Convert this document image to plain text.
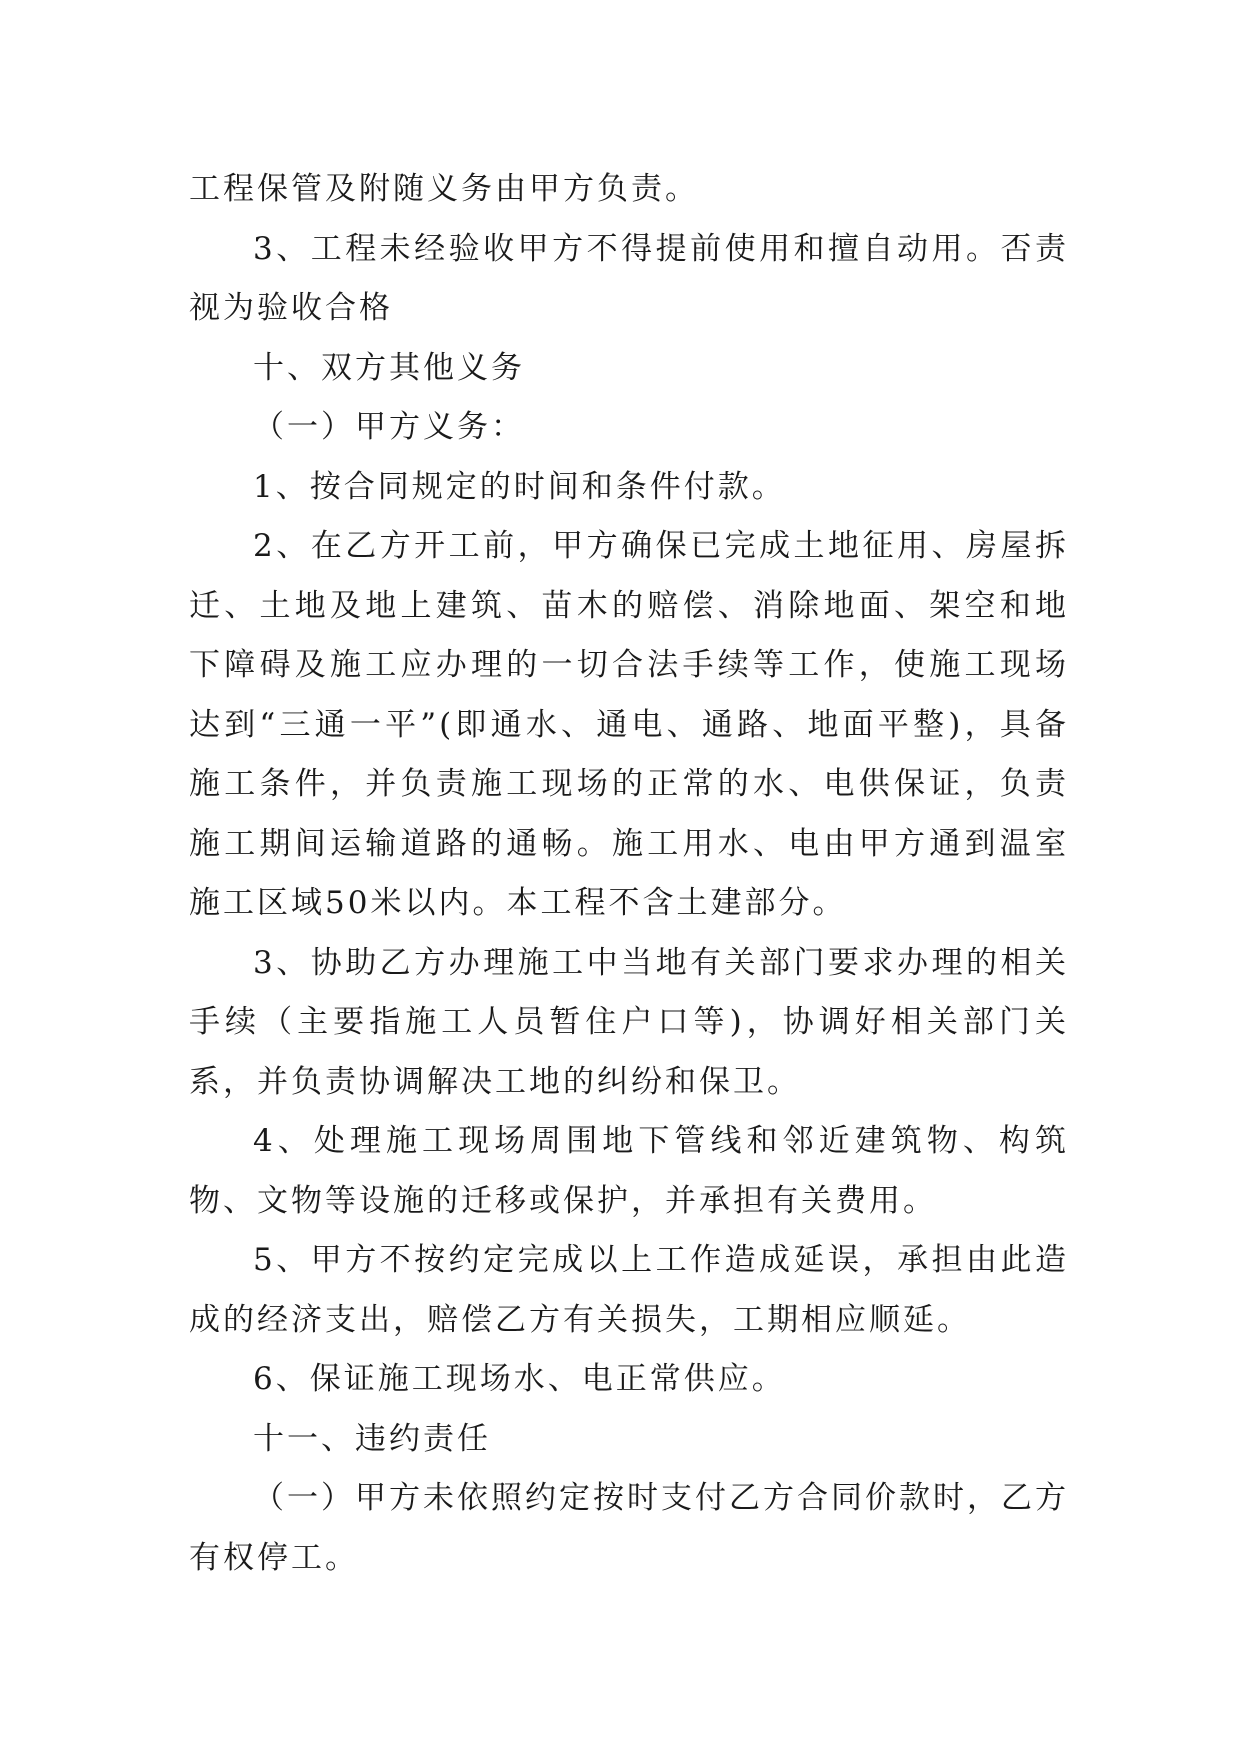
工程保管及附随义务由甲方负责。

3、工程未经验收甲方不得提前使用和擅自动用。否责视为验收合格

十、双方其他义务

（一）甲方义务：

1、按合同规定的时间和条件付款。

2、在乙方开工前，甲方确保已完成土地征用、房屋拆迁、土地及地上建筑、苗木的赔偿、消除地面、架空和地下障碍及施工应办理的一切合法手续等工作，使施工现场达到“三通一平”(即通水、通电、通路、地面平整)，具备施工条件，并负责施工现场的正常的水、电供保证，负责施工期间运输道路的通畅。施工用水、电由甲方通到温室施工区域50米以内。本工程不含土建部分。

3、协助乙方办理施工中当地有关部门要求办理的相关手续（主要指施工人员暂住户口等)，协调好相关部门关系，并负责协调解决工地的纠纷和保卫。

4、处理施工现场周围地下管线和邻近建筑物、构筑物、文物等设施的迁移或保护，并承担有关费用。

5、甲方不按约定完成以上工作造成延误，承担由此造成的经济支出，赔偿乙方有关损失，工期相应顺延。

6、保证施工现场水、电正常供应。

十一、违约责任

（一）甲方未依照约定按时支付乙方合同价款时，乙方有权停工。
